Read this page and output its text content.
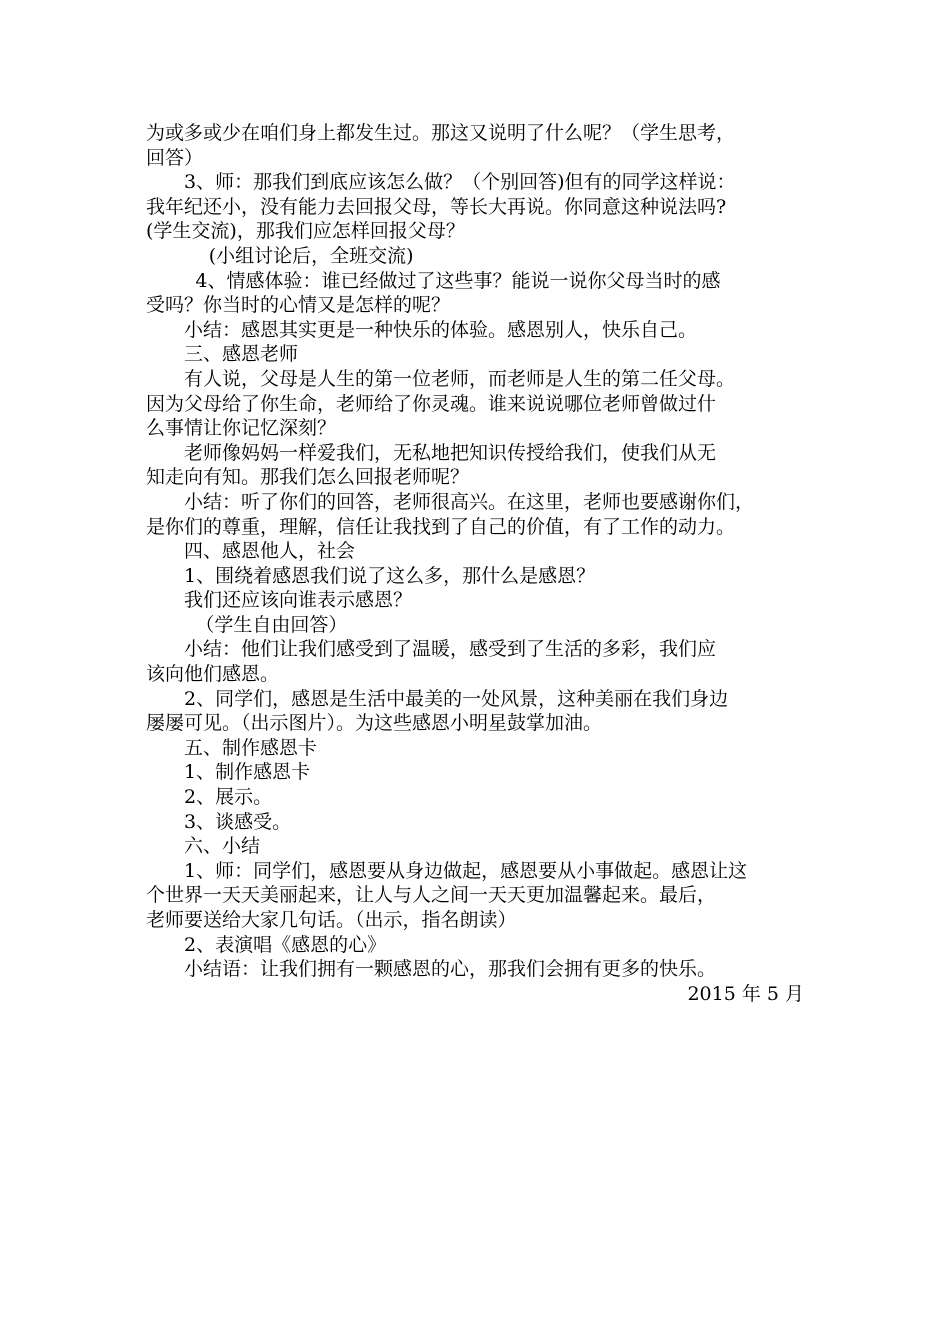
为或多或少在咱们身上都发生过。那这又说明了什么呢？（学生思考，
回答）
3、师：那我们到底应该怎么做？（个别回答)但有的同学这样说：
我年纪还小，没有能力去回报父母，等长大再说。你同意这种说法吗?
(学生交流)，那我们应怎样回报父母？
(小组讨论后，全班交流)
4、情感体验：谁已经做过了这些事？能说一说你父母当时的感
受吗？你当时的心情又是怎样的呢？
小结：感恩其实更是一种快乐的体验。感恩别人，快乐自己。
三、感恩老师
有人说，父母是人生的第一位老师，而老师是人生的第二任父母。
因为父母给了你生命，老师给了你灵魂。谁来说说哪位老师曾做过什
么事情让你记忆深刻？
老师像妈妈一样爱我们，无私地把知识传授给我们，使我们从无
知走向有知。那我们怎么回报老师呢？
小结：听了你们的回答，老师很高兴。在这里，老师也要感谢你们，
是你们的尊重，理解，信任让我找到了自己的价值，有了工作的动力。
四、感恩他人，社会
1、围绕着感恩我们说了这么多，那什么是感恩？
我们还应该向谁表示感恩？
（学生自由回答）
小结：他们让我们感受到了温暖，感受到了生活的多彩，我们应
该向他们感恩。
2、同学们，感恩是生活中最美的一处风景，这种美丽在我们身边
屡屡可见。（出示图片）。为这些感恩小明星鼓掌加油。
五、制作感恩卡
1、制作感恩卡
2、展示。
3、谈感受。
六、小结
1、师：同学们，感恩要从身边做起，感恩要从小事做起。感恩让这
个世界一天天美丽起来，让人与人之间一天天更加温馨起来。最后，
老师要送给大家几句话。（出示，指名朗读）
2、表演唱《感恩的心》
小结语：让我们拥有一颗感恩的心，那我们会拥有更多的快乐。
2015 年 5 月
